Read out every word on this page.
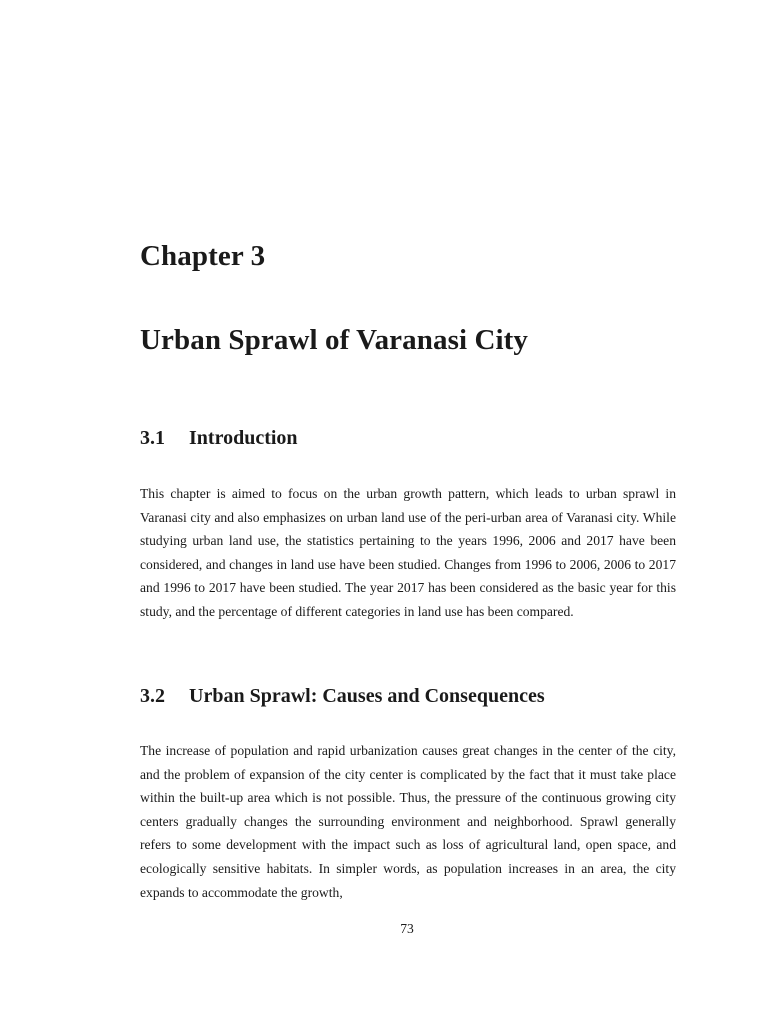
Chapter 3
Urban Sprawl of Varanasi City
3.1 Introduction

This chapter is aimed to focus on the urban growth pattern, which leads to urban sprawl in Varanasi city and also emphasizes on urban land use of the peri-urban area of Varanasi city. While studying urban land use, the statistics pertaining to the years 1996, 2006 and 2017 have been considered, and changes in land use have been studied. Changes from 1996 to 2006, 2006 to 2017 and 1996 to 2017 have been studied. The year 2017 has been considered as the basic year for this study, and the percentage of different categories in land use has been compared.

3.2 Urban Sprawl: Causes and Consequences

The increase of population and rapid urbanization causes great changes in the center of the city, and the problem of expansion of the city center is complicated by the fact that it must take place within the built-up area which is not possible. Thus, the pressure of the continuous growing city centers gradually changes the surrounding environment and neighborhood. Sprawl generally refers to some development with the impact such as loss of agricultural land, open space, and ecologically sensitive habitats. In simpler words, as population increases in an area, the city expands to accommodate the growth,

73
